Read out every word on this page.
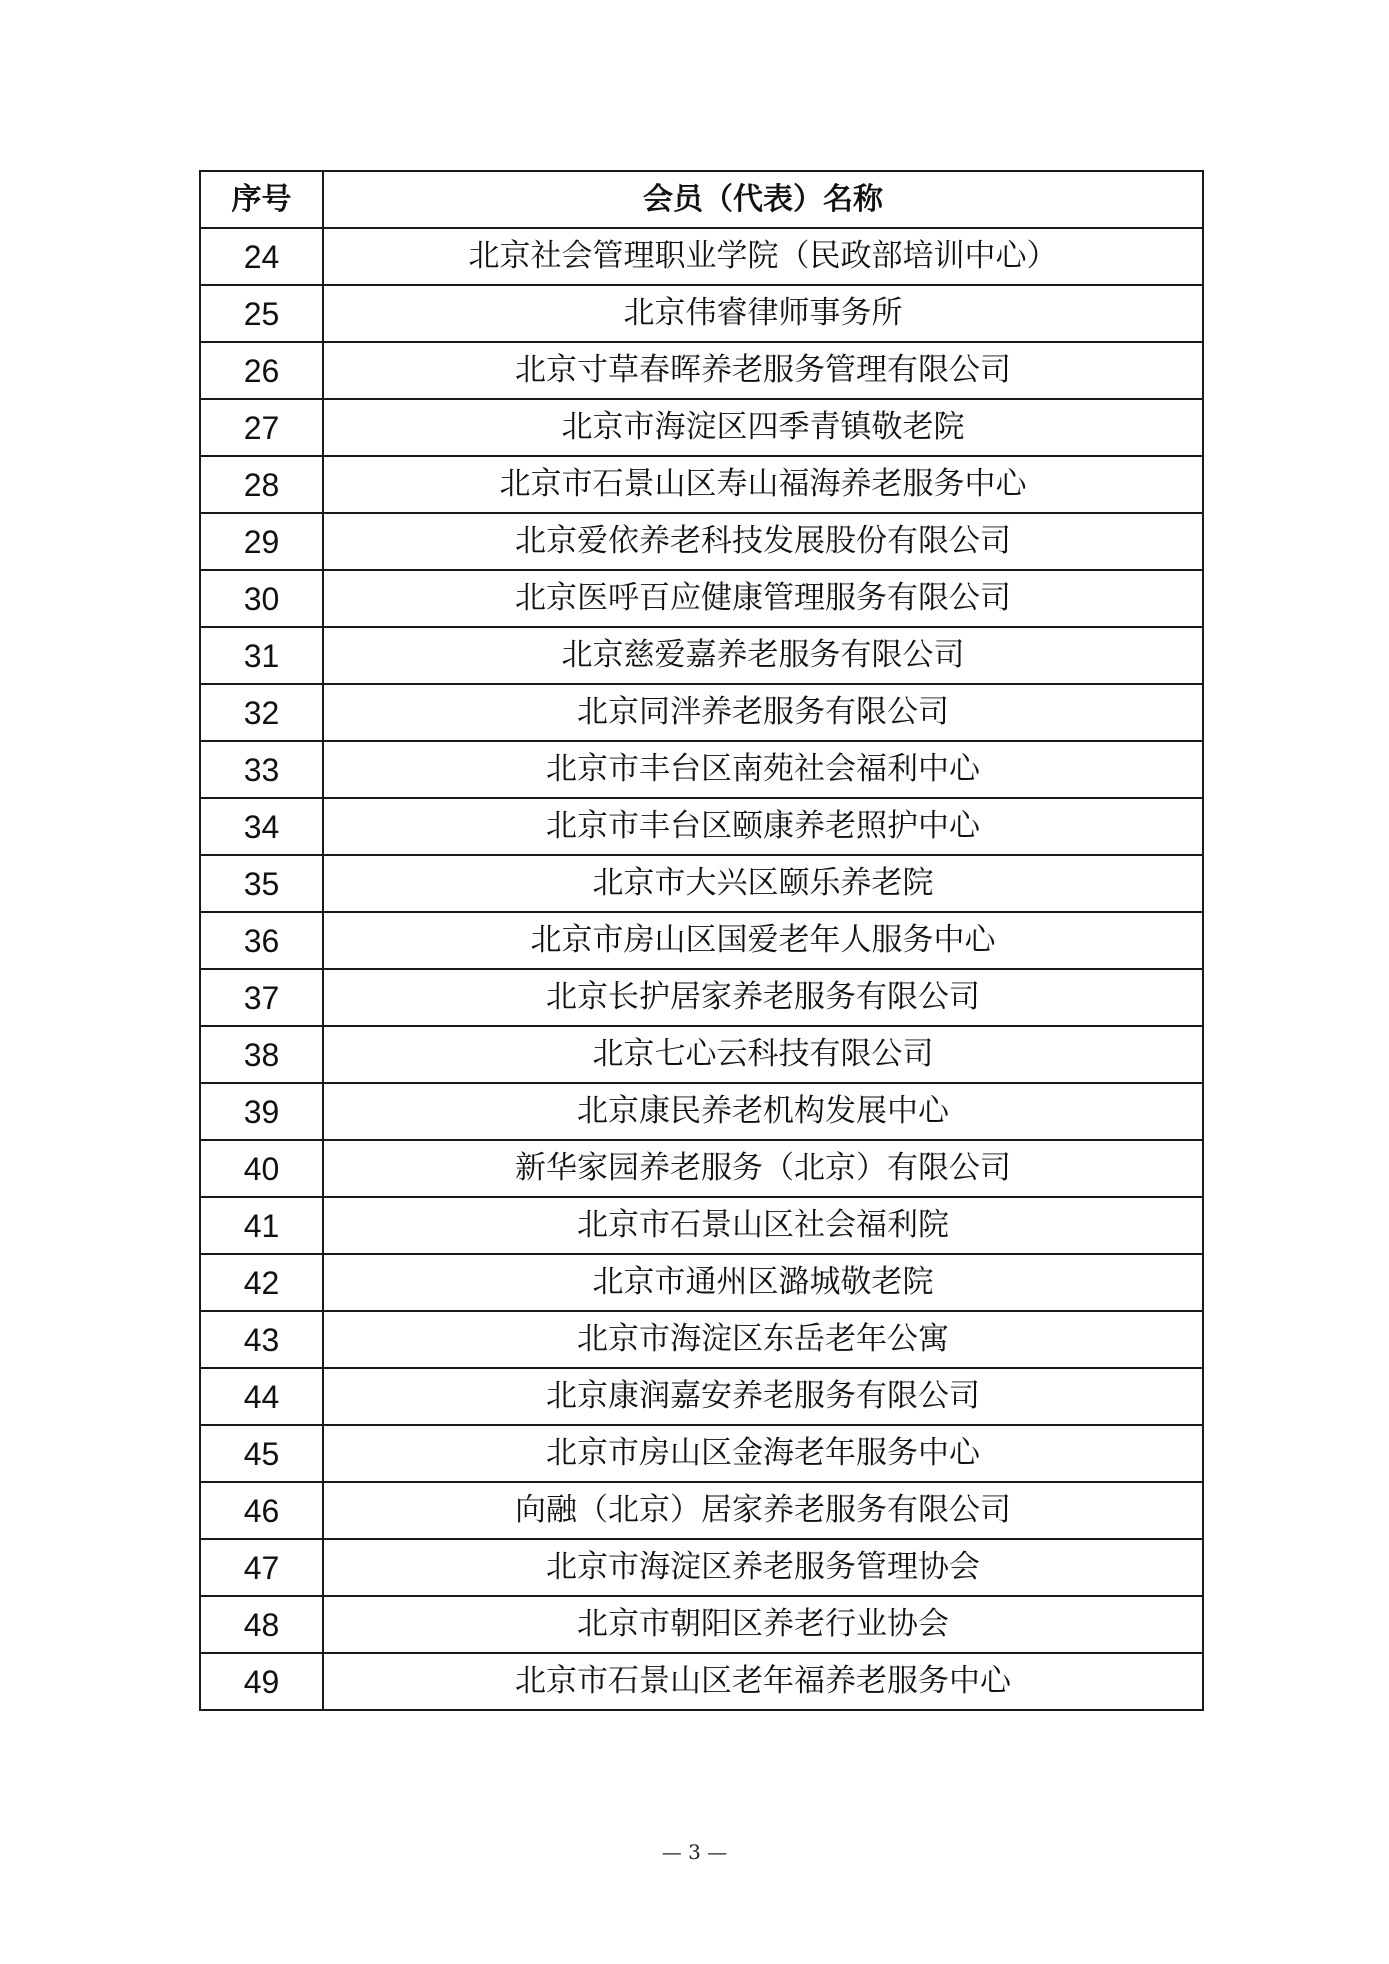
序号	会员（代表）名称
24	北京社会管理职业学院（民政部培训中心）
25	北京伟睿律师事务所
26	北京寸草春晖养老服务管理有限公司
27	北京市海淀区四季青镇敬老院
28	北京市石景山区寿山福海养老服务中心
29	北京爱依养老科技发展股份有限公司
30	北京医呼百应健康管理服务有限公司
31	北京慈爱嘉养老服务有限公司
32	北京同泮养老服务有限公司
33	北京市丰台区南苑社会福利中心
34	北京市丰台区颐康养老照护中心
35	北京市大兴区颐乐养老院
36	北京市房山区国爱老年人服务中心
37	北京长护居家养老服务有限公司
38	北京七心云科技有限公司
39	北京康民养老机构发展中心
40	新华家园养老服务（北京）有限公司
41	北京市石景山区社会福利院
42	北京市通州区潞城敬老院
43	北京市海淀区东岳老年公寓
44	北京康润嘉安养老服务有限公司
45	北京市房山区金海老年服务中心
46	向融（北京）居家养老服务有限公司
47	北京市海淀区养老服务管理协会
48	北京市朝阳区养老行业协会
49	北京市石景山区老年福养老服务中心
— 3 —
